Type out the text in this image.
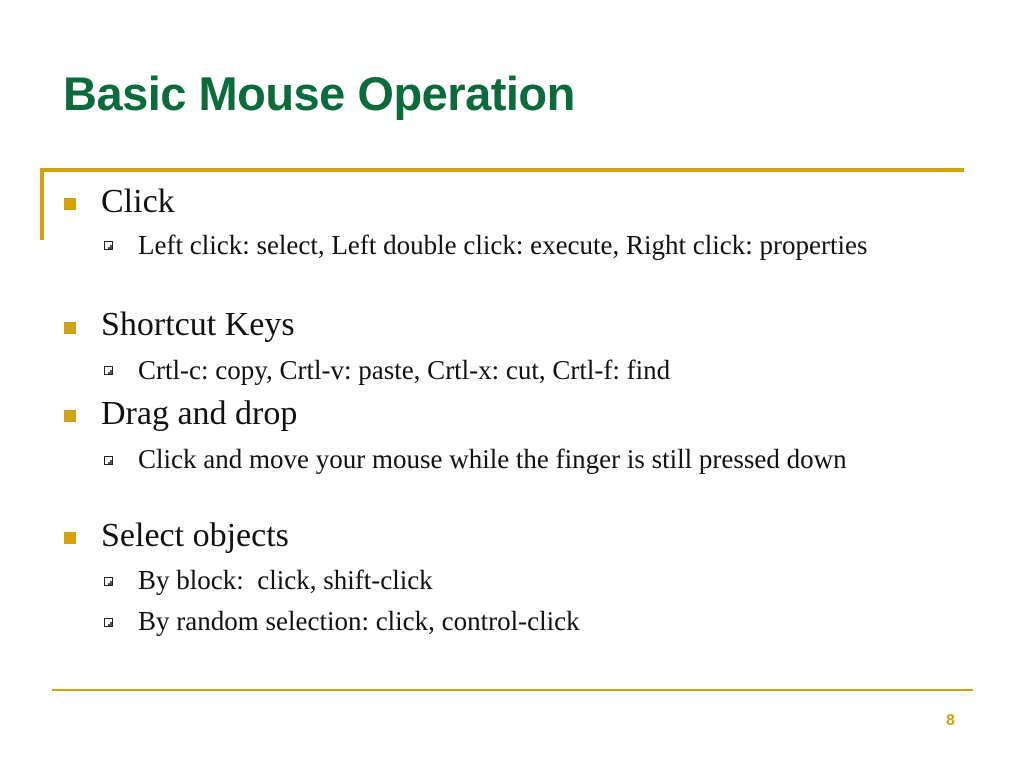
Basic Mouse Operation
Click
Left click: select, Left double click: execute, Right click: properties
Shortcut Keys
Crtl-c: copy, Crtl-v: paste, Crtl-x: cut, Crtl-f: find
Drag and drop
Click and move your mouse while the finger is still pressed down
Select objects
By block:  click, shift-click
By random selection: click, control-click
8
